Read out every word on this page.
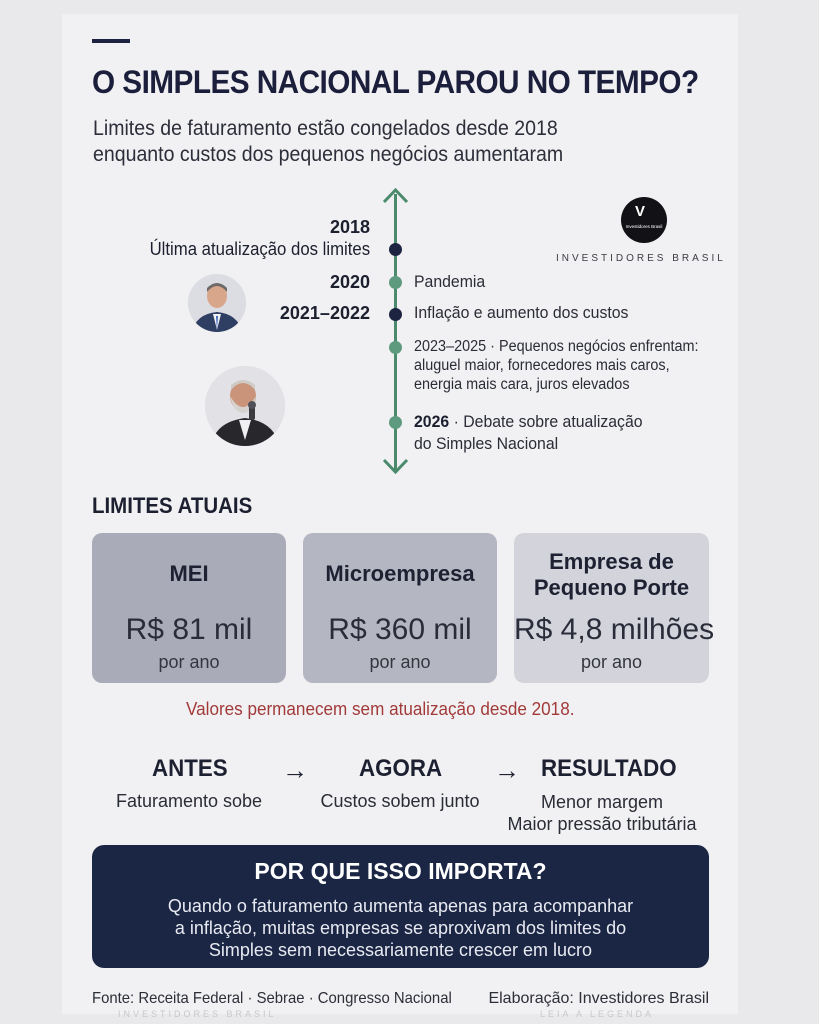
O SIMPLES NACIONAL PAROU NO TEMPO?

Limites de faturamento estão congelados desde 2018
enquanto custos dos pequenos negócios aumentaram

V
Investidores Brasil
INVESTIDORES BRASIL
2018
Última atualização dos limites
2020	Pandemia
2021–2022	Inflação e aumento dos custos
2023–2025 · Pequenos negócios enfrentam:
aluguel maior, fornecedores mais caros,
energia mais cara, juros elevados
2026 · Debate sobre atualização
do Simples Nacional
LIMITES ATUAIS
MEI
R$ 81 mil
por ano
Microempresa
R$ 360 mil
por ano
Empresa de
Pequeno Porte
R$ 4,8 milhões
por ano
Valores permanecem sem atualização desde 2018.
ANTES → AGORA → RESULTADO
Faturamento sobe	Custos sobem junto	Menor margem
Maior pressão tributária
POR QUE ISSO IMPORTA?
Quando o faturamento aumenta apenas para acompanhar
a inflação, muitas empresas se aproxivam dos limites do
Simples sem necessariamente crescer em lucro
Fonte: Receita Federal · Sebrae · Congresso Nacional Elaboração: Investidores Brasil
INVESTIDORES BRASIL	LEIA A LEGENDA
